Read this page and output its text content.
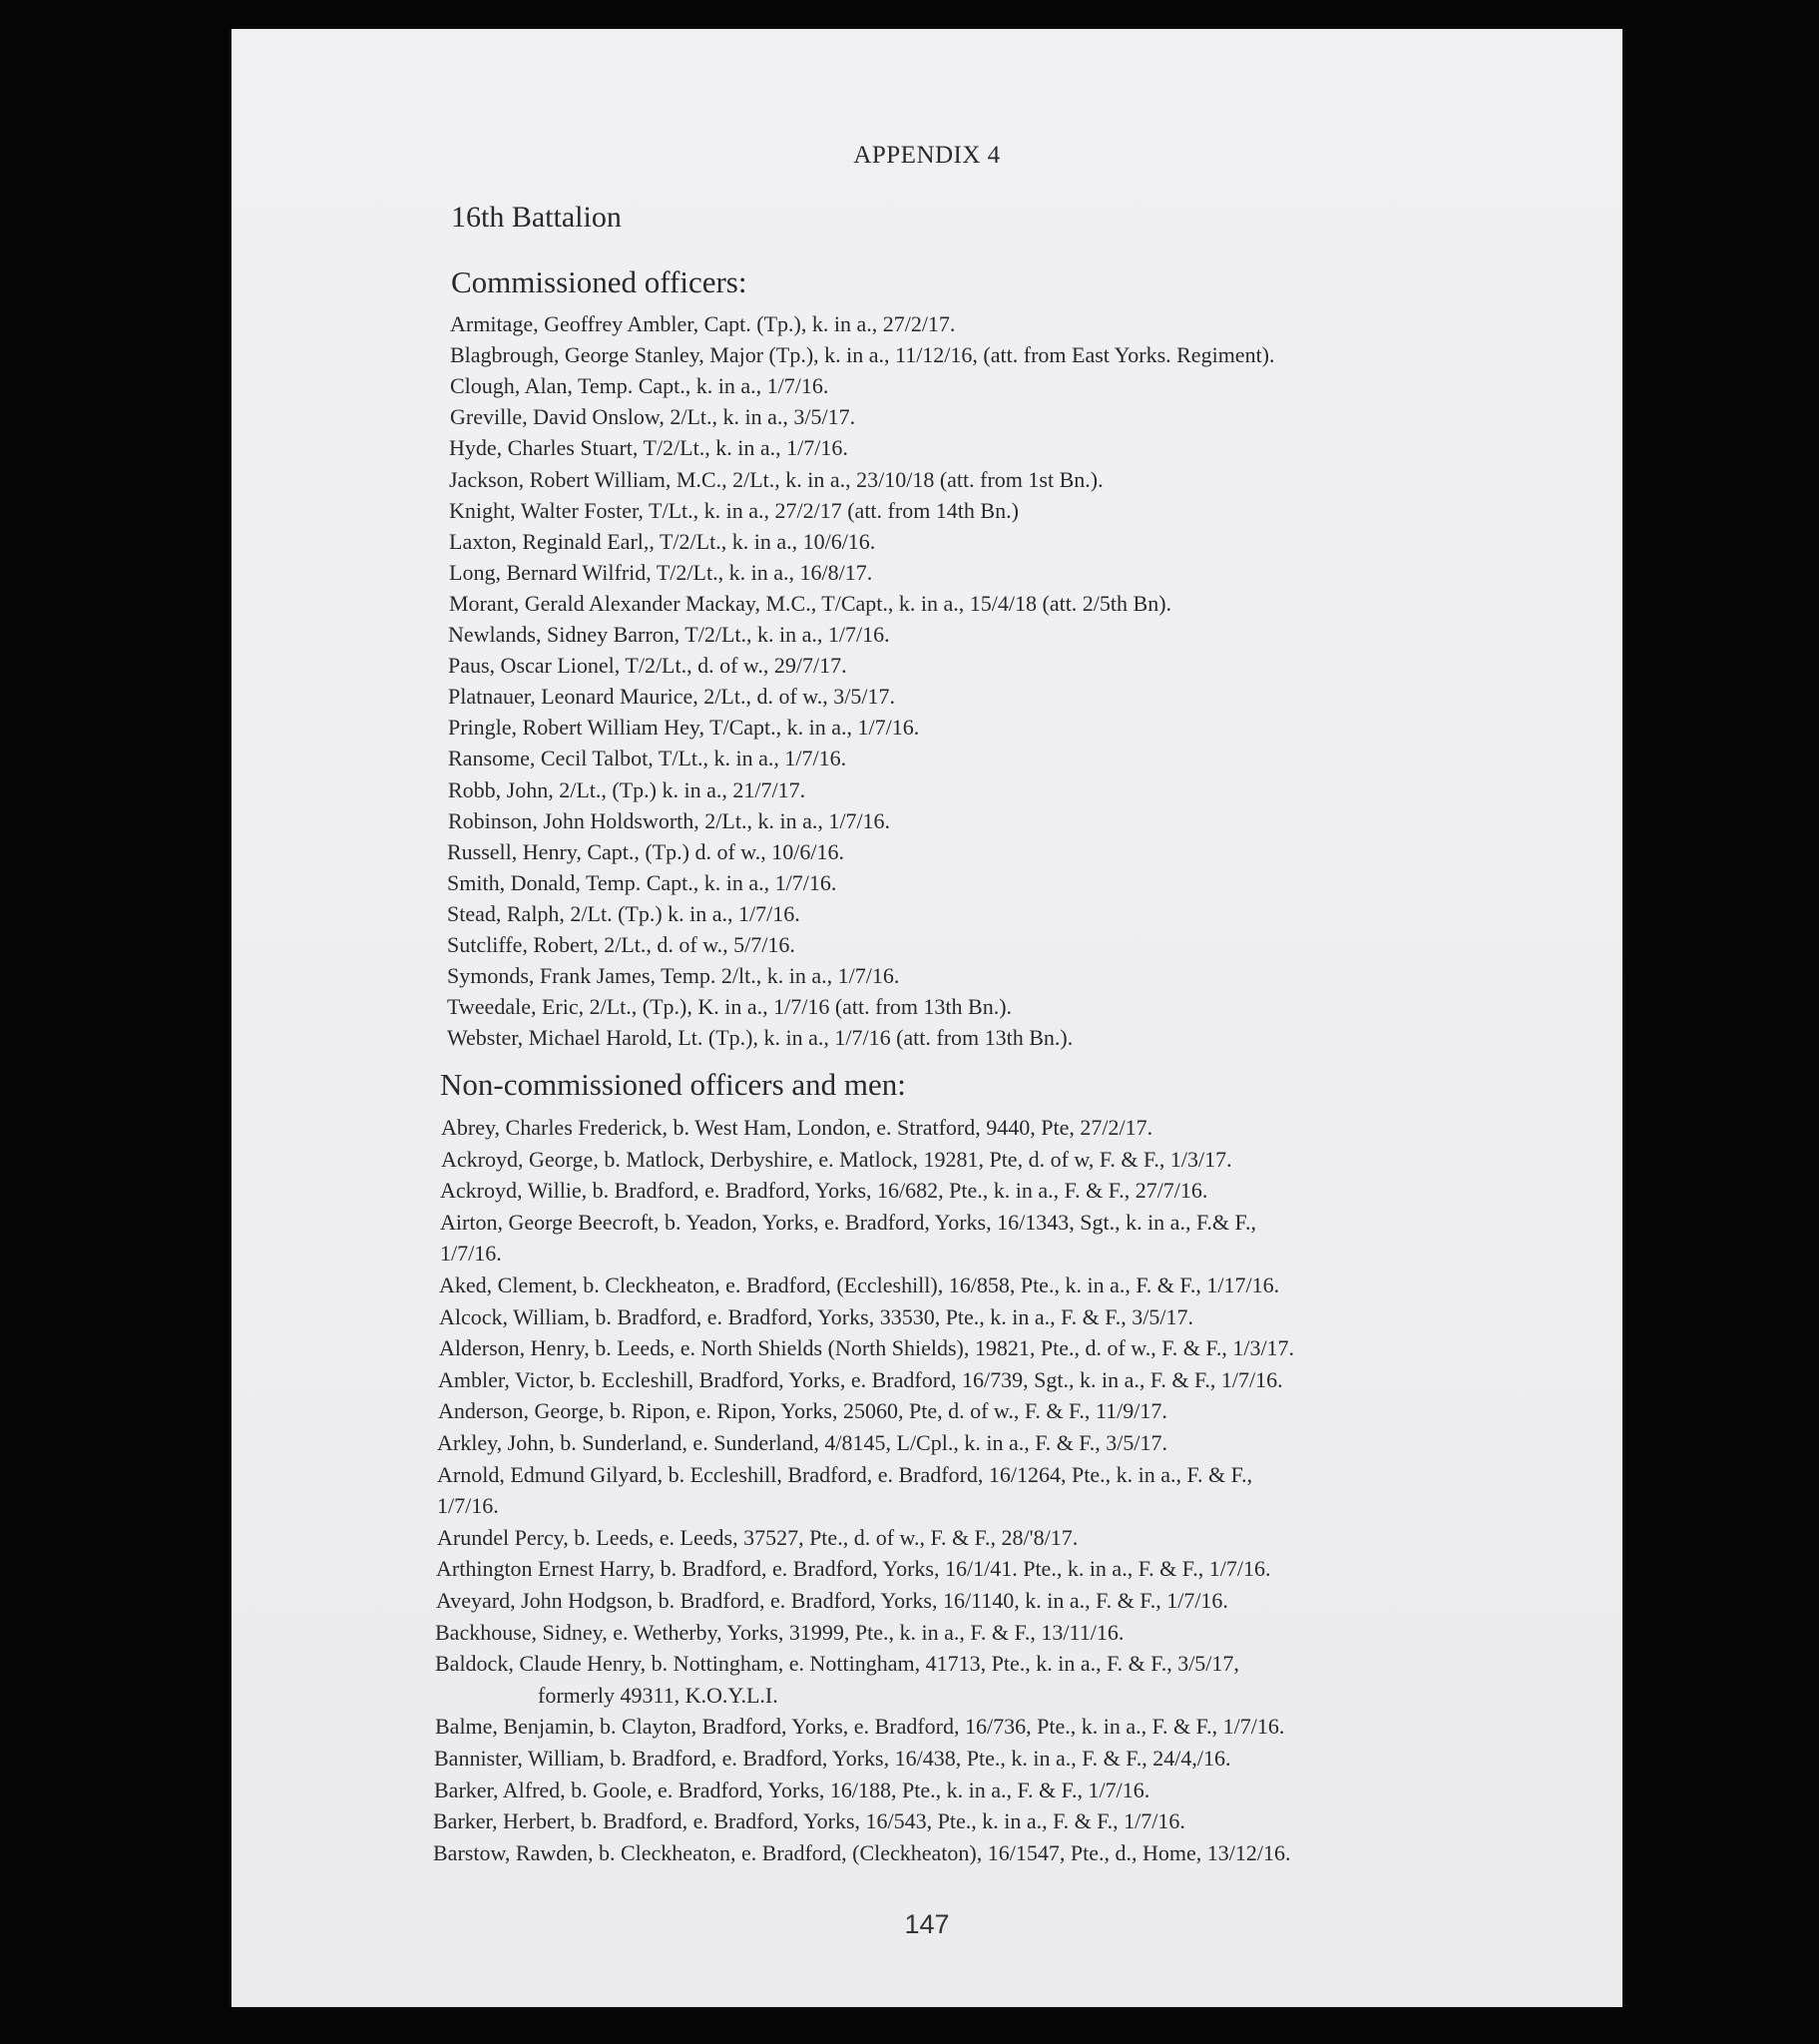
APPENDIX 4
16th Battalion
Commissioned officers:
Non-commissioned officers and men:
147
Armitage, Geoffrey Ambler, Capt. (Tp.), k. in a., 27/2/17.
Blagbrough, George Stanley, Major (Tp.), k. in a., 11/12/16, (att. from East Yorks. Regiment).
Clough, Alan, Temp. Capt., k. in a., 1/7/16.
Greville, David Onslow, 2/Lt., k. in a., 3/5/17.
Hyde, Charles Stuart, T/2/Lt., k. in a., 1/7/16.
Jackson, Robert William, M.C., 2/Lt., k. in a., 23/10/18 (att. from 1st Bn.).
Knight, Walter Foster, T/Lt., k. in a., 27/2/17 (att. from 14th Bn.)
Laxton, Reginald Earl,, T/2/Lt., k. in a., 10/6/16.
Long, Bernard Wilfrid, T/2/Lt., k. in a., 16/8/17.
Morant, Gerald Alexander Mackay, M.C., T/Capt., k. in a., 15/4/18 (att. 2/5th Bn).
Newlands, Sidney Barron, T/2/Lt., k. in a., 1/7/16.
Paus, Oscar Lionel, T/2/Lt., d. of w., 29/7/17.
Platnauer, Leonard Maurice, 2/Lt., d. of w., 3/5/17.
Pringle, Robert William Hey, T/Capt., k. in a., 1/7/16.
Ransome, Cecil Talbot, T/Lt., k. in a., 1/7/16.
Robb, John, 2/Lt., (Tp.) k. in a., 21/7/17.
Robinson, John Holdsworth, 2/Lt., k. in a., 1/7/16.
Russell, Henry, Capt., (Tp.) d. of w., 10/6/16.
Smith, Donald, Temp. Capt., k. in a., 1/7/16.
Stead, Ralph, 2/Lt. (Tp.) k. in a., 1/7/16.
Sutcliffe, Robert, 2/Lt., d. of w., 5/7/16.
Symonds, Frank James, Temp. 2/lt., k. in a., 1/7/16.
Tweedale, Eric, 2/Lt., (Tp.), K. in a., 1/7/16 (att. from 13th Bn.).
Webster, Michael Harold, Lt. (Tp.), k. in a., 1/7/16 (att. from 13th Bn.).
Abrey, Charles Frederick, b. West Ham, London, e. Stratford, 9440, Pte, 27/2/17.
Ackroyd, George, b. Matlock, Derbyshire, e. Matlock, 19281, Pte, d. of w, F. & F., 1/3/17.
Ackroyd, Willie, b. Bradford, e. Bradford, Yorks, 16/682, Pte., k. in a., F. & F., 27/7/16.
Airton, George Beecroft, b. Yeadon, Yorks, e. Bradford, Yorks, 16/1343, Sgt., k. in a., F.& F.,
1/7/16.
Aked, Clement, b. Cleckheaton, e. Bradford, (Eccleshill), 16/858, Pte., k. in a., F. & F., 1/17/16.
Alcock, William, b. Bradford, e. Bradford, Yorks, 33530, Pte., k. in a., F. & F., 3/5/17.
Alderson, Henry, b. Leeds, e. North Shields (North Shields), 19821, Pte., d. of w., F. & F., 1/3/17.
Ambler, Victor, b. Eccleshill, Bradford, Yorks, e. Bradford, 16/739, Sgt., k. in a., F. & F., 1/7/16.
Anderson, George, b. Ripon, e. Ripon, Yorks, 25060, Pte, d. of w., F. & F., 11/9/17.
Arkley, John, b. Sunderland, e. Sunderland, 4/8145, L/Cpl., k. in a., F. & F., 3/5/17.
Arnold, Edmund Gilyard, b. Eccleshill, Bradford, e. Bradford, 16/1264, Pte., k. in a., F. & F.,
1/7/16.
Arundel Percy, b. Leeds, e. Leeds, 37527, Pte., d. of w., F. & F., 28/'8/17.
Arthington Ernest Harry, b. Bradford, e. Bradford, Yorks, 16/1/41. Pte., k. in a., F. & F., 1/7/16.
Aveyard, John Hodgson, b. Bradford, e. Bradford, Yorks, 16/1140, k. in a., F. & F., 1/7/16.
Backhouse, Sidney, e. Wetherby, Yorks, 31999, Pte., k. in a., F. & F., 13/11/16.
Baldock, Claude Henry, b. Nottingham, e. Nottingham, 41713, Pte., k. in a., F. & F., 3/5/17,
formerly 49311, K.O.Y.L.I.
Balme, Benjamin, b. Clayton, Bradford, Yorks, e. Bradford, 16/736, Pte., k. in a., F. & F., 1/7/16.
Bannister, William, b. Bradford, e. Bradford, Yorks, 16/438, Pte., k. in a., F. & F., 24/4,/16.
Barker, Alfred, b. Goole, e. Bradford, Yorks, 16/188, Pte., k. in a., F. & F., 1/7/16.
Barker, Herbert, b. Bradford, e. Bradford, Yorks, 16/543, Pte., k. in a., F. & F., 1/7/16.
Barstow, Rawden, b. Cleckheaton, e. Bradford, (Cleckheaton), 16/1547, Pte., d., Home, 13/12/16.
